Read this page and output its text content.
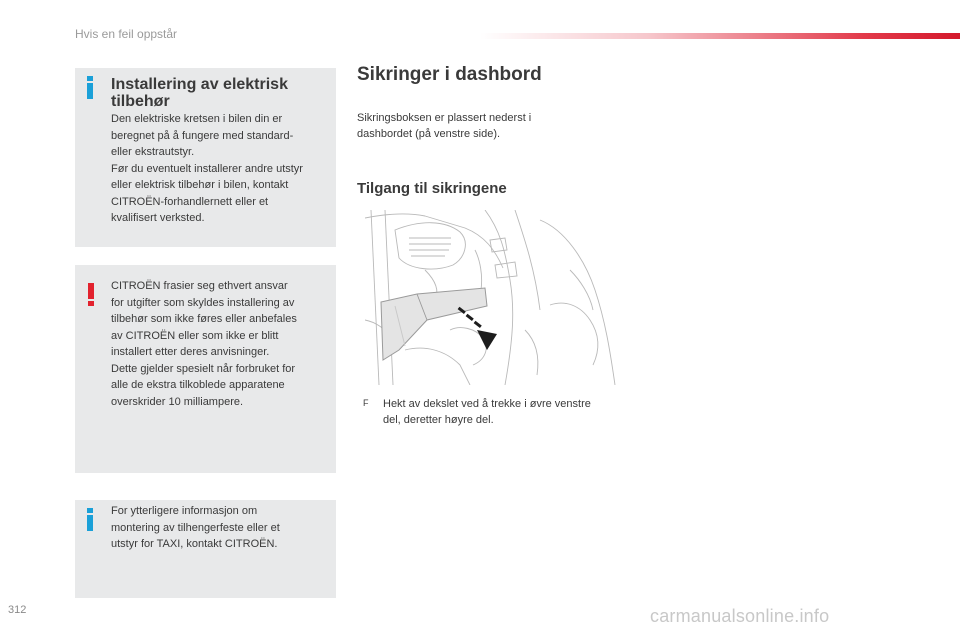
Hvis en feil oppstår
Installering av elektrisk tilbehør
Den elektriske kretsen i bilen din er
beregnet på å fungere med standard-
eller ekstrautstyr.
Før du eventuelt installerer andre utstyr
eller elektrisk tilbehør i bilen, kontakt
CITROËN-forhandlernett eller et
kvalifisert verksted.
CITROËN frasier seg ethvert ansvar
for utgifter som skyldes installering av
tilbehør som ikke føres eller anbefales
av CITROËN eller som ikke er blitt
installert etter deres anvisninger.
Dette gjelder spesielt når forbruket for
alle de ekstra tilkoblede apparatene
overskrider 10 milliampere.
For ytterligere informasjon om
montering av tilhengerfeste eller et
utstyr for TAXI, kontakt CITROËN.
Sikringer i dashbord
Sikringsboksen er plassert nederst i
dashbordet (på venstre side).
Tilgang til sikringene
F Hekt av dekslet ved å trekke i øvre venstre
del, deretter høyre del.
312	carmanualsonline.info
